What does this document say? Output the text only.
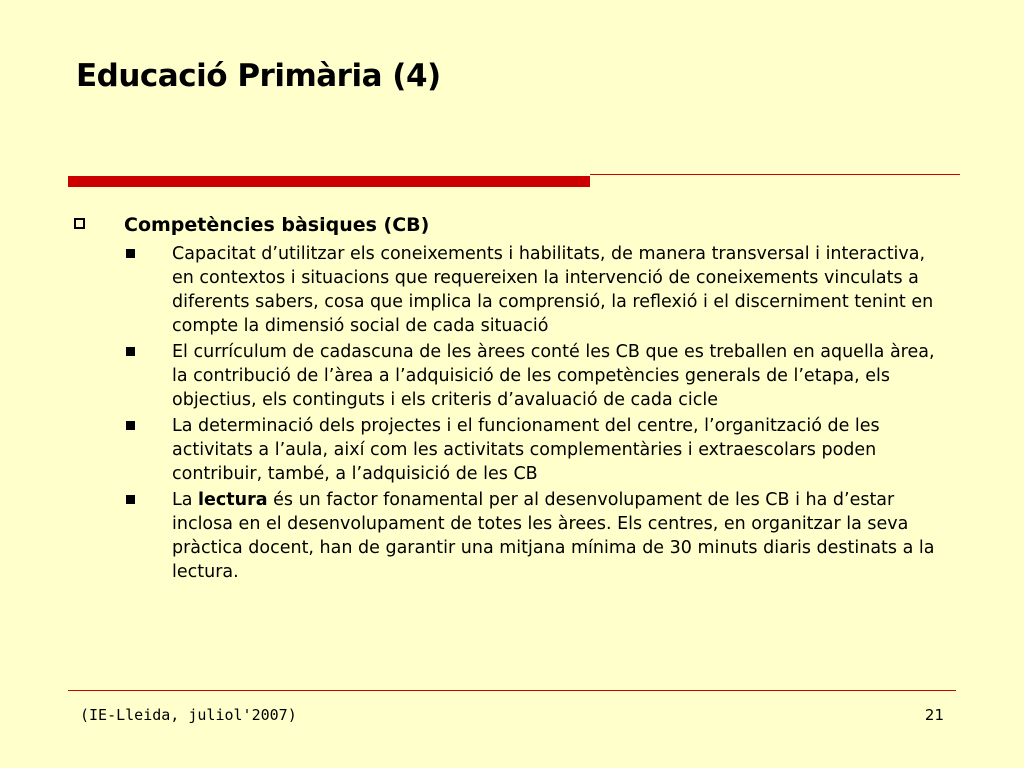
Educació Primària (4)
Competències bàsiques (CB)
Capacitat d’utilitzar els coneixements i habilitats, de manera transversal i interactiva, en contextos i situacions que requereixen la intervenció de coneixements vinculats a diferents sabers, cosa que implica la comprensió, la reflexió i el discerniment tenint en compte la dimensió social de cada situació
El currículum de cadascuna de les àrees conté les CB que es treballen en aquella àrea, la contribució de l’àrea a l’adquisició de les competències generals de l’etapa, els objectius, els continguts i els criteris d’avaluació de cada cicle
La determinació dels projectes i el funcionament del centre, l’organització de les activitats a l’aula, així com les activitats complementàries i extraescolars poden contribuir, també, a l’adquisició de les CB
La lectura és un factor fonamental per al desenvolupament de les CB i ha d’estar inclosa en el desenvolupament de totes les àrees. Els centres, en organitzar la seva pràctica docent, han de garantir una mitjana mínima de 30 minuts diaris destinats a la lectura.
(IE-Lleida, juliol'2007)	21
